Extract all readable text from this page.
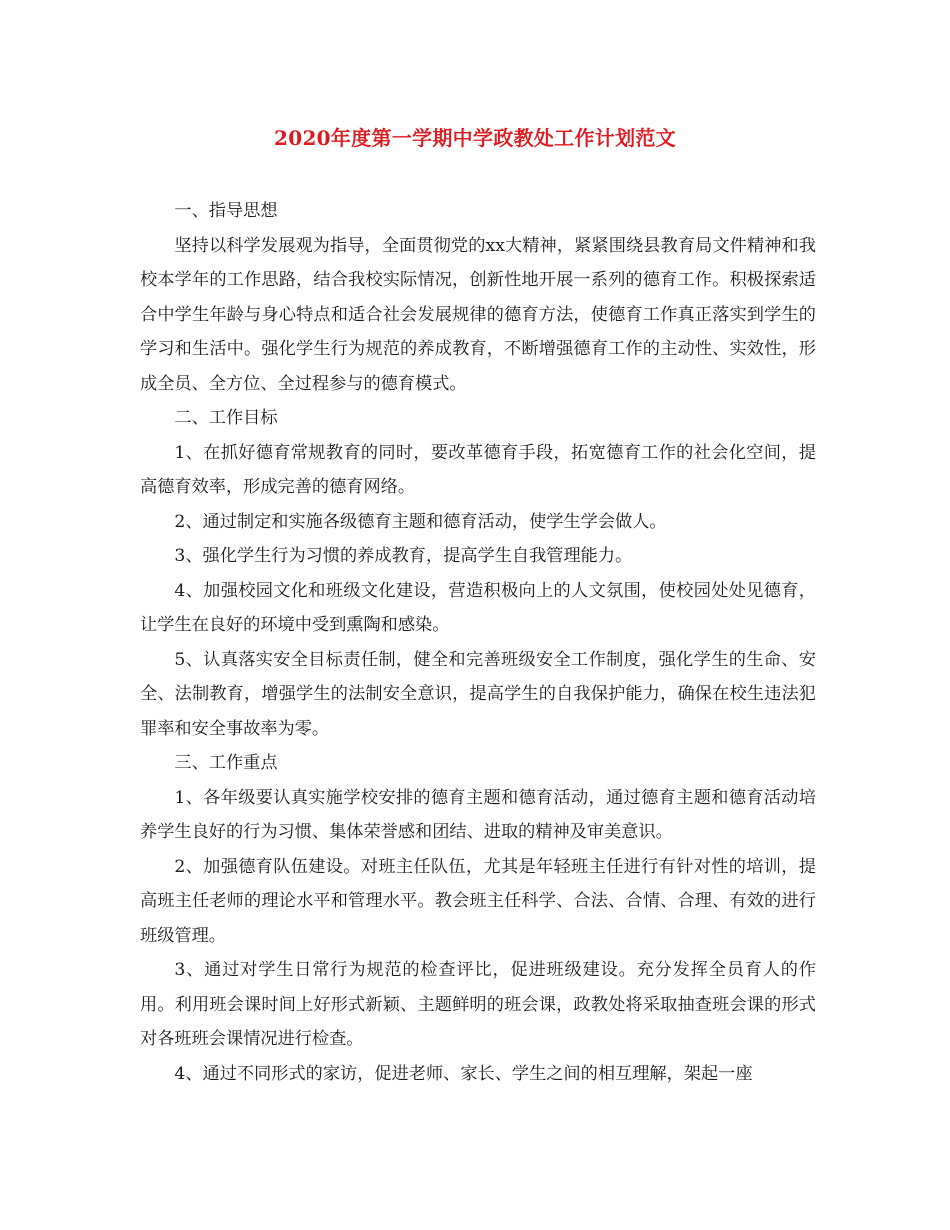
2020年度第一学期中学政教处工作计划范文

一、指导思想

坚持以科学发展观为指导，全面贯彻党的xx大精神，紧紧围绕县教育局文件精神和我校本学年的工作思路，结合我校实际情况，创新性地开展一系列的德育工作。积极探索适合中学生年龄与身心特点和适合社会发展规律的德育方法，使德育工作真正落实到学生的学习和生活中。强化学生行为规范的养成教育，不断增强德育工作的主动性、实效性，形成全员、全方位、全过程参与的德育模式。

二、工作目标

1、在抓好德育常规教育的同时，要改革德育手段，拓宽德育工作的社会化空间，提高德育效率，形成完善的德育网络。

2、通过制定和实施各级德育主题和德育活动，使学生学会做人。

3、强化学生行为习惯的养成教育，提高学生自我管理能力。

4、加强校园文化和班级文化建设，营造积极向上的人文氛围，使校园处处见德育，让学生在良好的环境中受到熏陶和感染。

5、认真落实安全目标责任制，健全和完善班级安全工作制度，强化学生的生命、安全、法制教育，增强学生的法制安全意识，提高学生的自我保护能力，确保在校生违法犯罪率和安全事故率为零。

三、工作重点

1、各年级要认真实施学校安排的德育主题和德育活动，通过德育主题和德育活动培养学生良好的行为习惯、集体荣誉感和团结、进取的精神及审美意识。

2、加强德育队伍建设。对班主任队伍，尤其是年轻班主任进行有针对性的培训，提高班主任老师的理论水平和管理水平。教会班主任科学、合法、合情、合理、有效的进行班级管理。

3、通过对学生日常行为规范的检查评比，促进班级建设。充分发挥全员育人的作用。利用班会课时间上好形式新颖、主题鲜明的班会课，政教处将采取抽查班会课的形式对各班班会课情况进行检查。

4、通过不同形式的家访，促进老师、家长、学生之间的相互理解，架起一座
